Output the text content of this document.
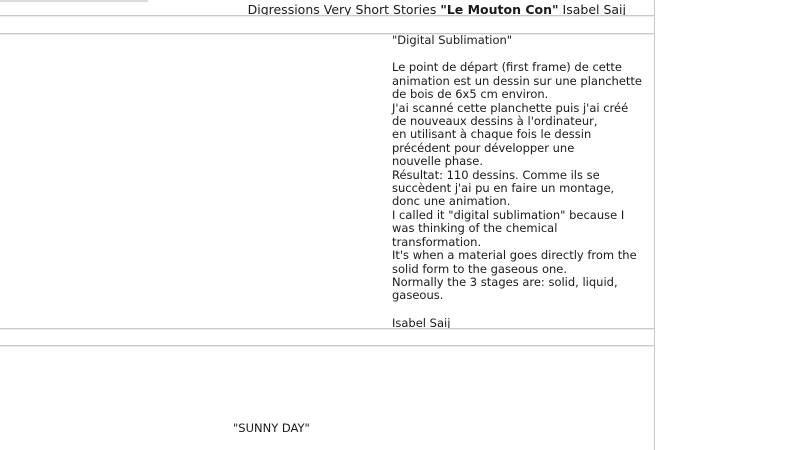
Digressions Very Short Stories "Le Mouton Con" Isabel Saij
"Digital Sublimation"
Le point de départ (first frame) de cette
animation est un dessin sur une planchette
de bois de 6x5 cm environ.
J'ai scanné cette planchette puis j'ai créé
de nouveaux dessins à l'ordinateur,
en utilisant à chaque fois le dessin
précédent pour développer une
nouvelle phase.
Résultat: 110 dessins. Comme ils se
succèdent j'ai pu en faire un montage,
donc une animation.
I called it "digital sublimation" because I
was thinking of the chemical
transformation.
It's when a material goes directly from the
solid form to the gaseous one.
Normally the 3 stages are: solid, liquid,
gaseous.
Isabel Saij
"SUNNY DAY"
